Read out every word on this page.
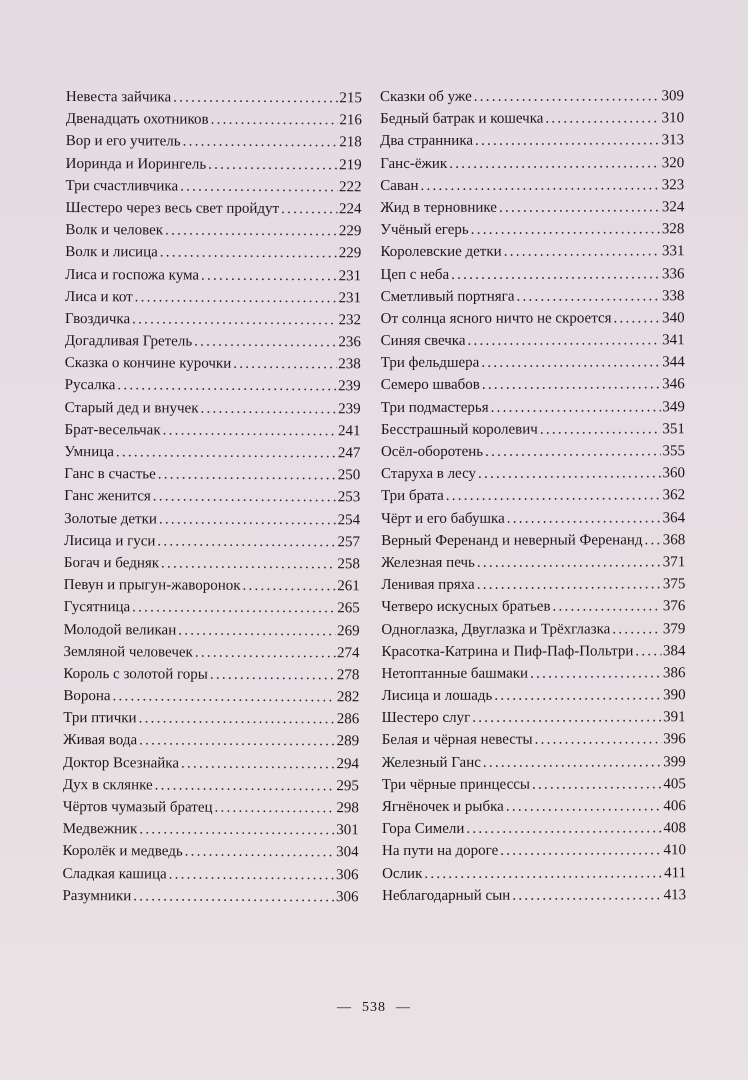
Невеста зайчика . . .	215
Двенадцать охотников . . .	216
Вор и его учитель . . .	218
Иоринда и Иорингель . . .	219
Три счастливчика . . .	222
Шестеро через весь свет пройдут . . .	224
Волк и человек . . .	229
Волк и лисица . . .	229
Лиса и госпожа кума . . .	231
Лиса и кот . . .	231
Гвоздичка . . .	232
Догадливая Гретель . . .	236
Сказка о кончине курочки . . .	238
Русалка . . .	239
Старый дед и внучек . . .	239
Брат-весельчак . . .	241
Умница . . .	247
Ганс в счастье . . .	250
Ганс женится . . .	253
Золотые детки . . .	254
Лисица и гуси . . .	257
Богач и бедняк . . .	258
Певун и прыгун-жаворонок . . .	261
Гусятница . . .	265
Молодой великан . . .	269
Земляной человечек . . .	274
Король с золотой горы . . .	278
Ворона . . .	282
Три птички . . .	286
Живая вода . . .	289
Доктор Всезнайка . . .	294
Дух в склянке . . .	295
Чёртов чумазый братец . . .	298
Медвежник . . .	301
Королёк и медведь . . .	304
Сладкая кашица . . .	306
Разумники . . .	306
Сказки об уже . . .	309
Бедный батрак и кошечка . . .	310
Два странника . . .	313
Ганс-ёжик . . .	320
Саван . . .	323
Жид в терновнике . . .	324
Учёный егерь . . .	328
Королевские детки . . .	331
Цеп с неба . . .	336
Сметливый портняга . . .	338
От солнца ясного ничто не скроется . . .	340
Синяя свечка . . .	341
Три фельдшера . . .	344
Семеро швабов . . .	346
Три подмастерья . . .	349
Бесстрашный королевич . . .	351
Осёл-оборотень . . .	355
Старуха в лесу . . .	360
Три брата . . .	362
Чёрт и его бабушка . . .	364
Верный Ференанд и неверный Ференанд . . . 368
Железная печь . . .	371
Ленивая пряха . . .	375
Четверо искусных братьев . . .	376
Одноглазка, Двуглазка и Трёхглазка . . .	379
Красотка-Катрина и Пиф-Паф-Польтри . . . 384
Нетоптанные башмаки . . .	386
Лисица и лошадь . . .	390
Шестеро слуг . . .	391
Белая и чёрная невесты . . .	396
Железный Ганс . . .	399
Три чёрные принцессы . . .	405
Ягнёночек и рыбка . . .	406
Гора Симели . . .	408
На пути на дороге . . .	410
Ослик . . .	411
Неблагодарный сын . . .	413
— 538 —
